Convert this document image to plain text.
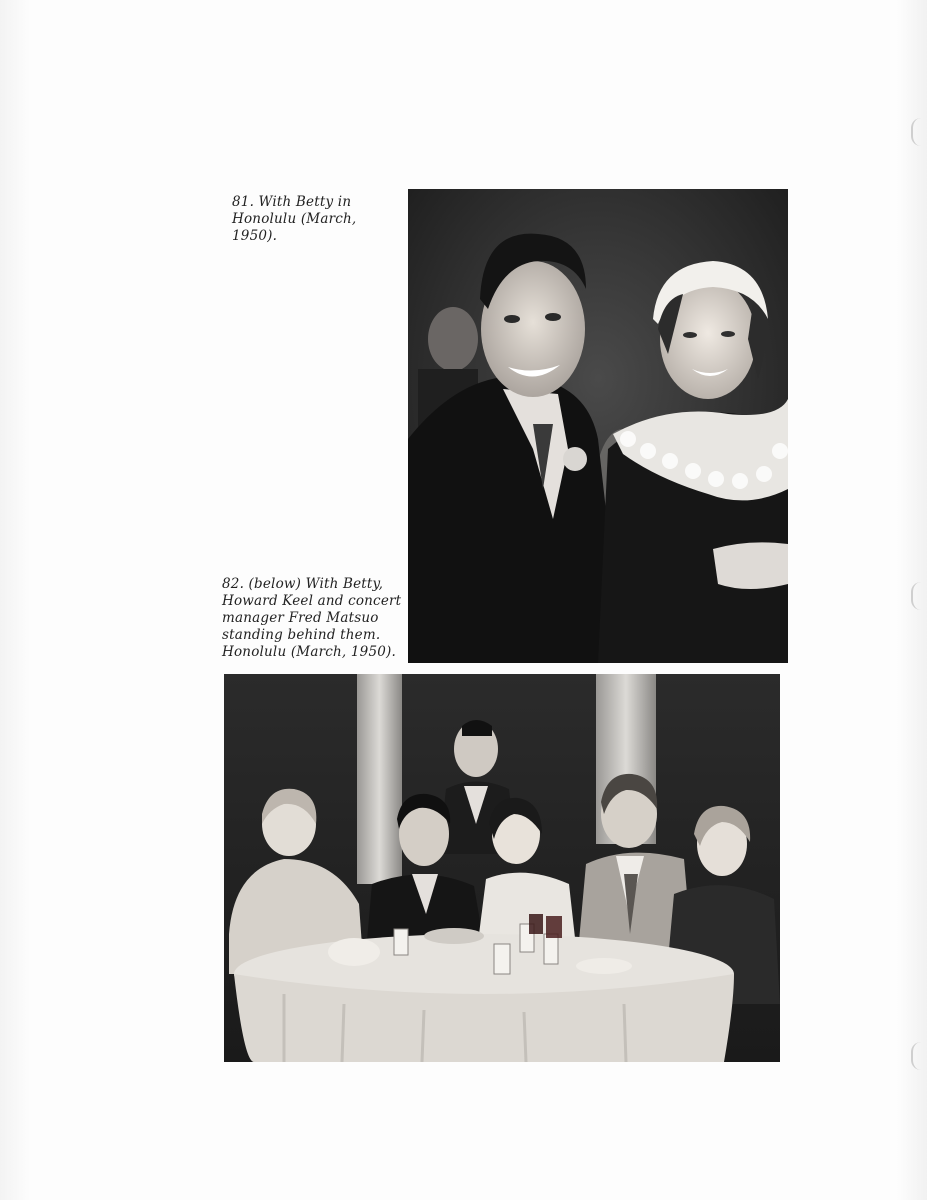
81. With Betty in
Honolulu (March, 1950).
82. (below) With Betty,
Howard Keel and concert
manager Fred Matsuo
standing behind them.
Honolulu (March, 1950).
